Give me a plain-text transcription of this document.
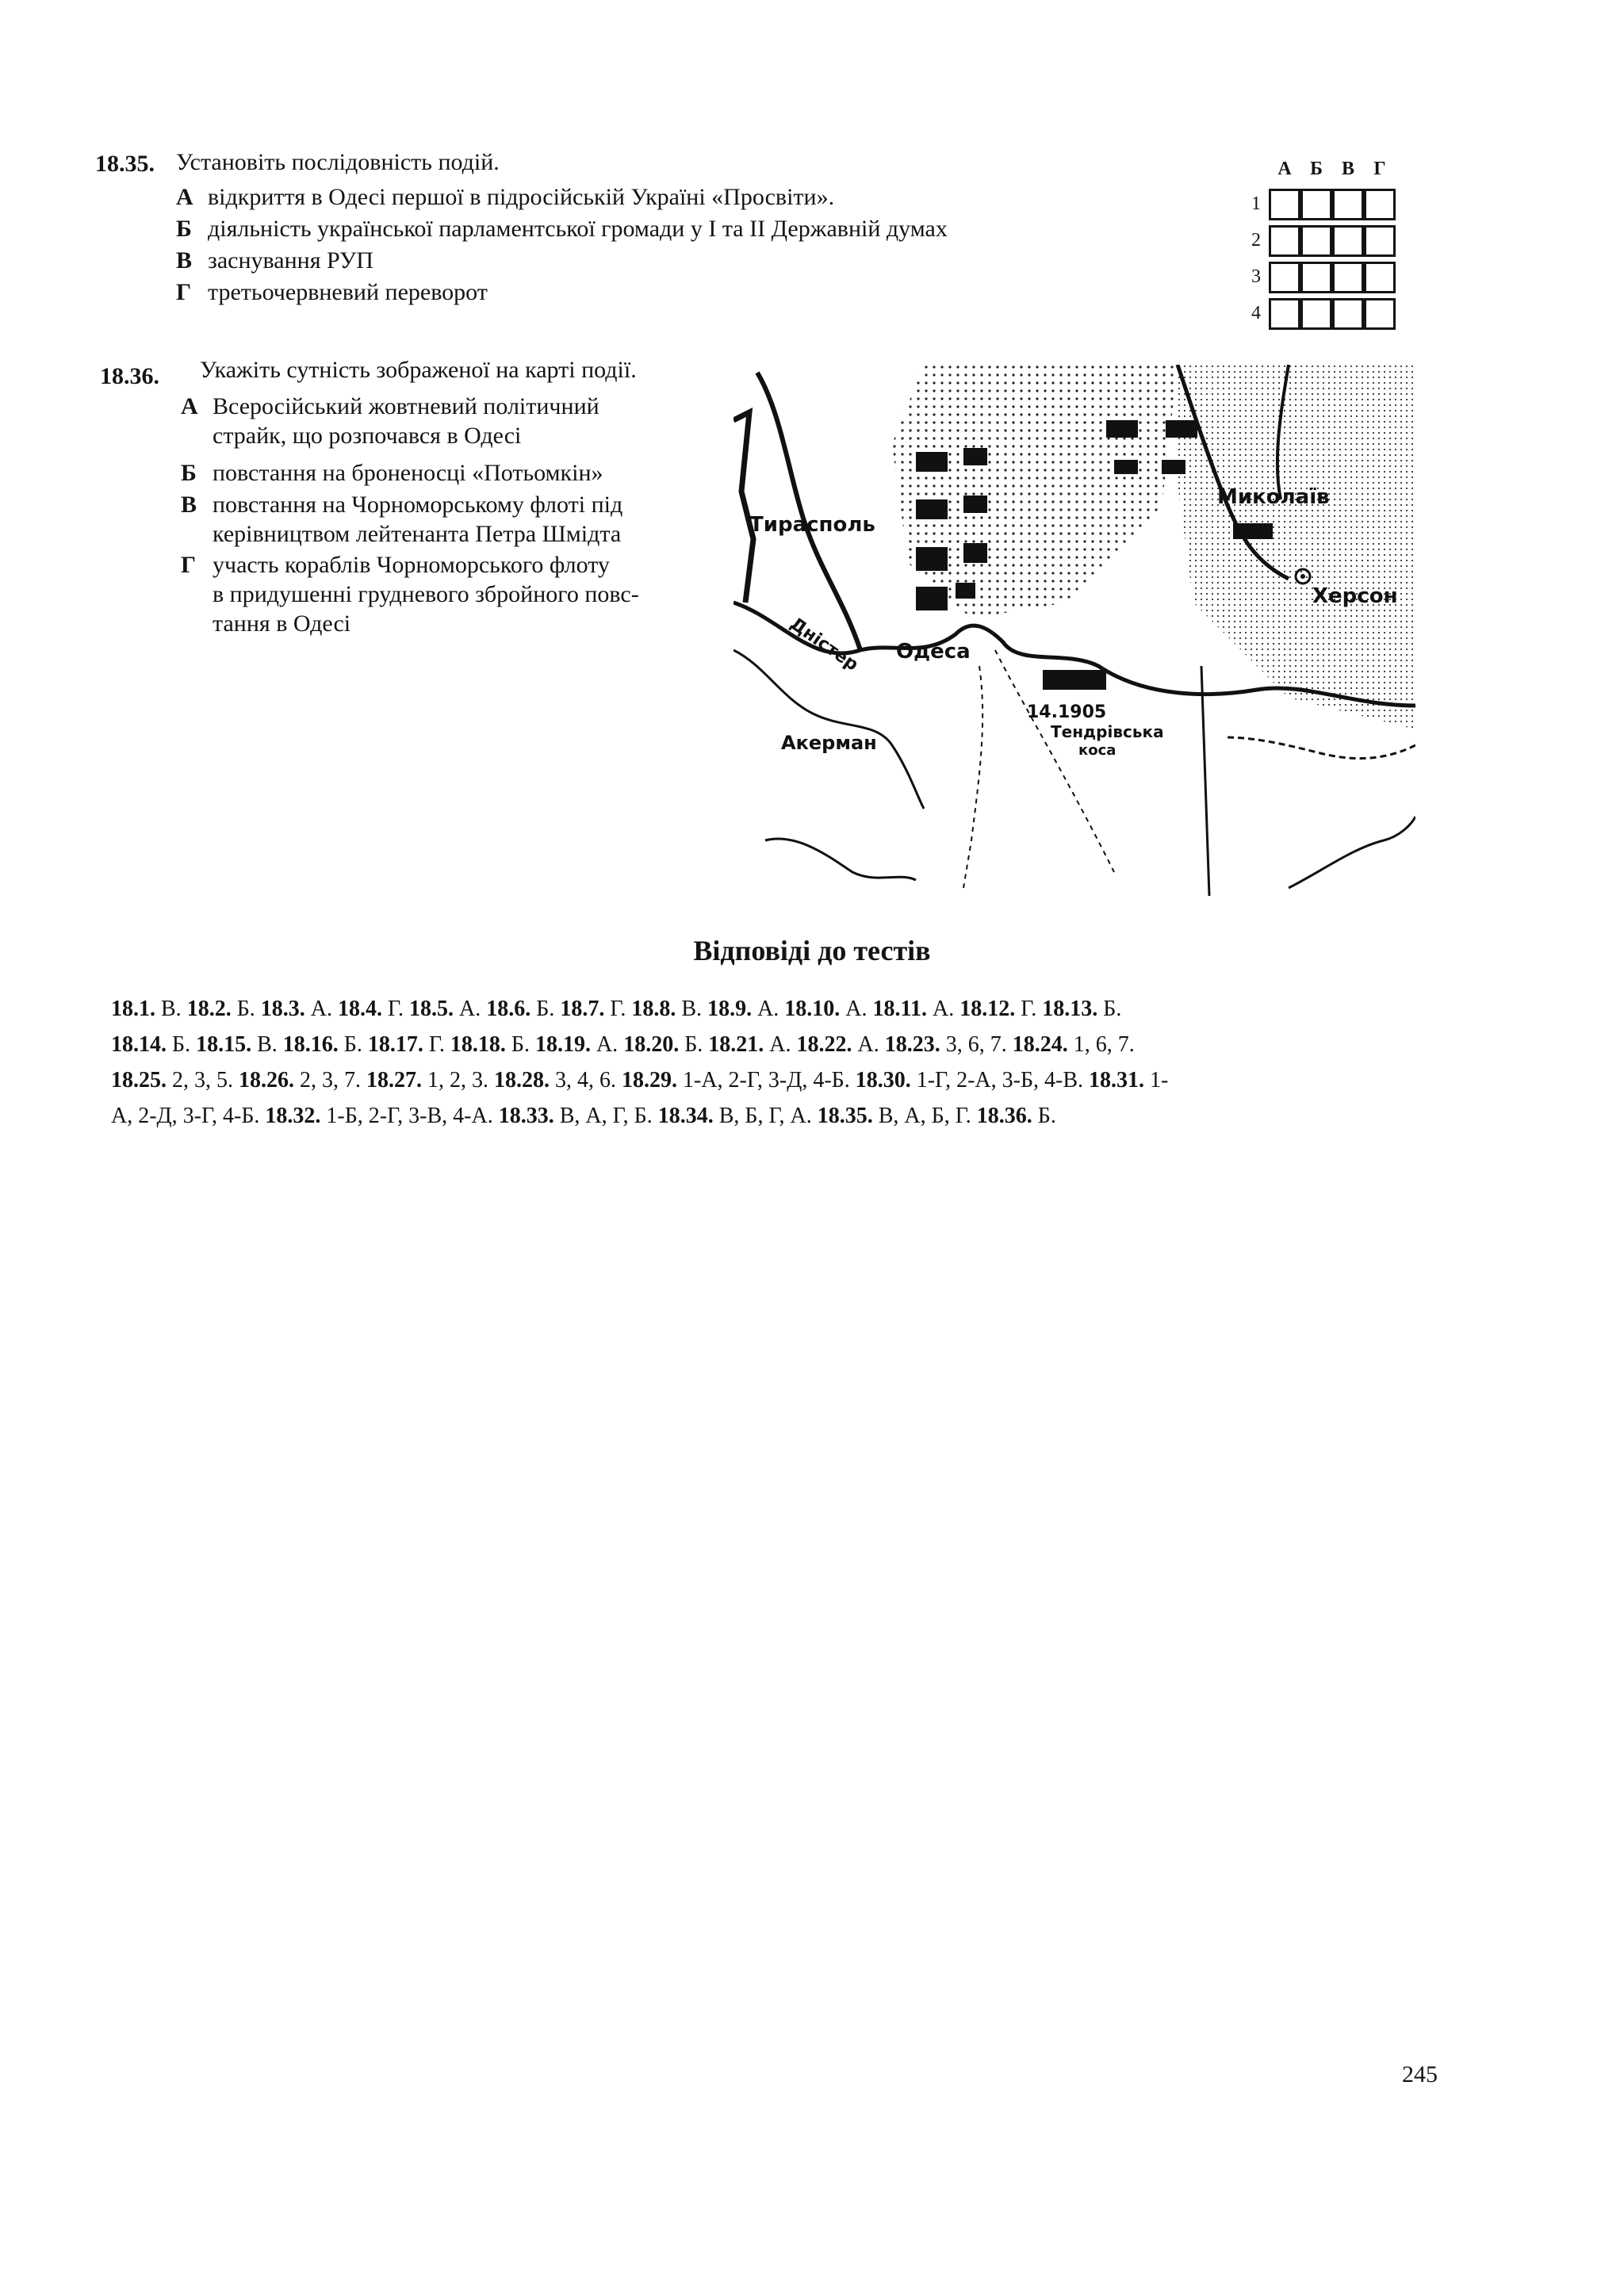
18.35. Установіть послідовність подій.
А відкриття в Одесі першої в підросійській Україні «Просвіти».
Б діяльність української парламентської громади у І та ІІ Державній думах
В заснування РУП
Г третьочервневий переворот
А Б	В	Г
1
2
3
4
18.36. Укажіть сутність зображеної на карті події.
А Всеросійський жовтневий політичний
страйк, що розпочався в Одесі
Б повстання на броненосці «Потьомкін»
В повстання на Чорноморському флоті під
керівництвом лейтенанта Петра Шмідта
Г участь кораблів Чорноморського флоту
в придушенні грудневого збройного повс-
тання в Одесі
Тирасполь
Миколаїв
Херсон
Одеса
Дністер
Акерман
14.1905
Тендрівська
коса
Відповіді до тестів
18.1. В. 18.2. Б. 18.3. А. 18.4. Г. 18.5. А. 18.6. Б. 18.7. Г. 18.8. В. 18.9. А. 18.10. А. 18.11. А. 18.12. Г. 18.13. Б.
18.14. Б. 18.15. В. 18.16. Б. 18.17. Г. 18.18. Б. 18.19. А. 18.20. Б. 18.21. А. 18.22. А. 18.23. 3, 6, 7. 18.24. 1, 6, 7.
18.25. 2, 3, 5. 18.26. 2, 3, 7. 18.27. 1, 2, 3. 18.28. 3, 4, 6. 18.29. 1-А, 2-Г, 3-Д, 4-Б. 18.30. 1-Г, 2-А, 3-Б, 4-В. 18.31. 1-
А, 2-Д, 3-Г, 4-Б. 18.32. 1-Б, 2-Г, 3-В, 4-А. 18.33. В, А, Г, Б. 18.34. В, Б, Г, А. 18.35. В, А, Б, Г. 18.36. Б.
245
